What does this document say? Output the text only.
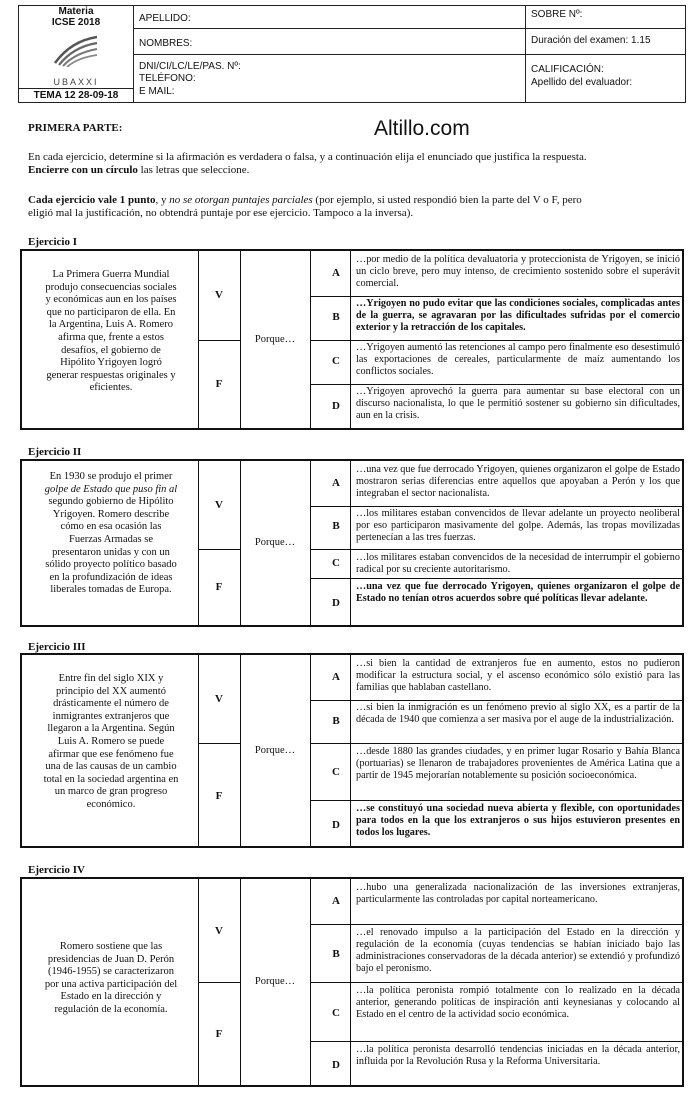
Materia
ICSE 2018
UBAXXI
TEMA 12 28-09-18
APELLIDO:
NOMBRES:
DNI/CI/LC/LE/PAS. Nº:
TELÉFONO:
E MAIL:
SOBRE Nº:
Duración del examen: 1.15
CALIFICACIÓN:
Apellido del evaluador:
Altillo.com
PRIMERA PARTE:
En cada ejercicio, determine si la afirmación es verdadera o falsa, y a continuación elija el enunciado que justifica la respuesta.
Encierre con un círculo las letras que seleccione.
Cada ejercicio vale 1 punto, y no se otorgan puntajes parciales (por ejemplo, si usted respondió bien la parte del V o F, pero
eligió mal la justificación, no obtendrá puntaje por ese ejercicio. Tampoco a la inversa).
Ejercicio I
La Primera Guerra Mundial
produjo consecuencias sociales
y económicas aun en los países
que no participaron de ella. En
la Argentina, Luis A. Romero
afirma que, frente a estos
desafíos, el gobierno de
Hipólito Yrigoyen logró
generar respuestas originales y
eficientes.
V
F
Porque…
A
B
C
D
…por medio de la política devaluatoria y proteccionista de Yrigoyen, se inició un ciclo breve, pero muy intenso, de crecimiento sostenido sobre el superávit comercial.
…Yrigoyen no pudo evitar que las condiciones sociales, complicadas antes de la guerra, se agravaran por las dificultades sufridas por el comercio exterior y la retracción de los capitales.
…Yrigoyen aumentó las retenciones al campo pero finalmente eso desestimuló las exportaciones de cereales, particularmente de maíz aumentando los conflictos sociales.
…Yrigoyen aprovechó la guerra para aumentar su base electoral con un discurso nacionalista, lo que le permitió sostener su gobierno sin dificultades, aun en la crisis.
Ejercicio II
En 1930 se produjo el primer
golpe de Estado que puso fin al
segundo gobierno de Hipólito
Yrigoyen. Romero describe
cómo en esa ocasión las
Fuerzas Armadas se
presentaron unidas y con un
sólido proyecto político basado
en la profundización de ideas
liberales tomadas de Europa.
V
F
Porque…
A
B
C
D
…una vez que fue derrocado Yrigoyen, quienes organizaron el golpe de Estado mostraron serias diferencias entre aquellos que apoyaban a Perón y los que integraban el sector nacionalista.
…los militares estaban convencidos de llevar adelante un proyecto neoliberal por eso participaron masivamente del golpe. Además, las tropas movilizadas pertenecían a las tres fuerzas.
…los militares estaban convencidos de la necesidad de interrumpir el gobierno radical por su creciente autoritarismo.
…una vez que fue derrocado Yrigoyen, quienes organizaron el golpe de Estado no tenían otros acuerdos sobre qué políticas llevar adelante.
Ejercicio III
Entre fin del siglo XIX y
principio del XX aumentó
drásticamente el número de
inmigrantes extranjeros que
llegaron a la Argentina. Según
Luis A. Romero se puede
afirmar que ese fenómeno fue
una de las causas de un cambio
total en la sociedad argentina en
un marco de gran progreso
económico.
V
F
Porque…
A
B
C
D
…si bien la cantidad de extranjeros fue en aumento, estos no pudieron modificar la estructura social, y el ascenso económico sólo existió para las familias que hablaban castellano.
…si bien la inmigración es un fenómeno previo al siglo XX, es a partir de la década de 1940 que comienza a ser masiva por el auge de la industrialización.
…desde 1880 las grandes ciudades, y en primer lugar Rosario y Bahía Blanca (portuarias) se llenaron de trabajadores provenientes de América Latina que a partir de 1945 mejorarían notablemente su posición socioeconómica.
…se constituyó una sociedad nueva abierta y flexible, con oportunidades para todos en la que los extranjeros o sus hijos estuvieron presentes en todos los lugares.
Ejercicio IV
Romero sostiene que las
presidencias de Juan D. Perón
(1946-1955) se caracterizaron
por una activa participación del
Estado en la dirección y
regulación de la economía.
V
F
Porque…
A
B
C
D
…hubo una generalizada nacionalización de las inversiones extranjeras, particularmente las controladas por capital norteamericano.
…el renovado impulso a la participación del Estado en la dirección y regulación de la economía (cuyas tendencias se habían iniciado bajo las administraciones conservadoras de la década anterior) se extendió y profundizó bajo el peronismo.
…la política peronista rompió totalmente con lo realizado en la década anterior, generando políticas de inspiración anti keynesianas y colocando al Estado en el centro de la actividad socio económica.
…la política peronista desarrolló tendencias iniciadas en la década anterior, influida por la Revolución Rusa y la Reforma Universitaria.
